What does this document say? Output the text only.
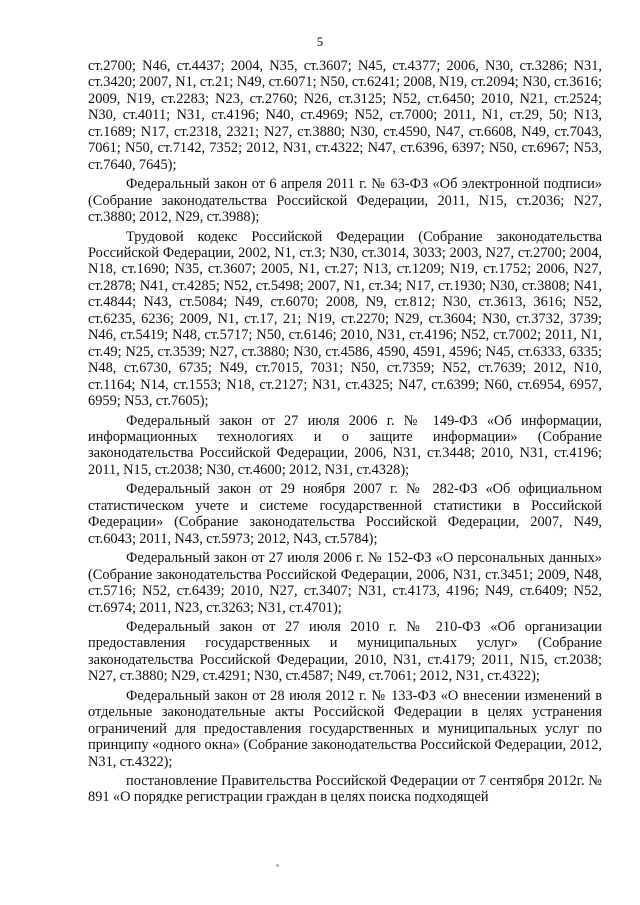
5

ст.2700; N46, ст.4437; 2004, N35, ст.3607; N45, ст.4377; 2006, N30, ст.3286; N31, ст.3420; 2007, N1, ст.21; N49, ст.6071; N50, ст.6241; 2008, N19, ст.2094; N30, ст.3616; 2009, N19, ст.2283; N23, ст.2760; N26, ст.3125; N52, ст.6450; 2010, N21, ст.2524; N30, ст.4011; N31, ст.4196; N40, ст.4969; N52, ст.7000; 2011, N1, ст.29, 50; N13, ст.1689; N17, ст.2318, 2321; N27, ст.3880; N30, ст.4590, N47, ст.6608, N49, ст.7043, 7061; N50, ст.7142, 7352; 2012, N31, ст.4322; N47, ст.6396, 6397; N50, ст.6967; N53, ст.7640, 7645);

Федеральный закон от 6 апреля 2011 г. № 63-ФЗ «Об электронной подписи» (Собрание законодательства Российской Федерации, 2011, N15, ст.2036; N27, ст.3880; 2012, N29, ст.3988);

Трудовой кодекс Российской Федерации (Собрание законодательства Российской Федерации, 2002, N1, ст.3; N30, ст.3014, 3033; 2003, N27, ст.2700; 2004, N18, ст.1690; N35, ст.3607; 2005, N1, ст.27; N13, ст.1209; N19, ст.1752; 2006, N27, ст.2878; N41, ст.4285; N52, ст.5498; 2007, N1, ст.34; N17, ст.1930; N30, ст.3808; N41, ст.4844; N43, ст.5084; N49, ст.6070; 2008, N9, ст.812; N30, ст.3613, 3616; N52, ст.6235, 6236; 2009, N1, ст.17, 21; N19, ст.2270; N29, ст.3604; N30, ст.3732, 3739; N46, ст.5419; N48, ст.5717; N50, ст.6146; 2010, N31, ст.4196; N52, ст.7002; 2011, N1, ст.49; N25, ст.3539; N27, ст.3880; N30, ст.4586, 4590, 4591, 4596; N45, ст.6333, 6335; N48, ст.6730, 6735; N49, ст.7015, 7031; N50, ст.7359; N52, ст.7639; 2012, N10, ст.1164; N14, ст.1553; N18, ст.2127; N31, ст.4325; N47, ст.6399; N60, ст.6954, 6957, 6959; N53, ст.7605);

Федеральный закон от 27 июля 2006 г. № 149-ФЗ «Об информации, информационных технологиях и о защите информации» (Собрание законодательства Российской Федерации, 2006, N31, ст.3448; 2010, N31, ст.4196; 2011, N15, ст.2038; N30, ст.4600; 2012, N31, ст.4328);

Федеральный закон от 29 ноября 2007 г. № 282-ФЗ «Об официальном статистическом учете и системе государственной статистики в Российской Федерации» (Собрание законодательства Российской Федерации, 2007, N49, ст.6043; 2011, N43, ст.5973; 2012, N43, ст.5784);

Федеральный закон от 27 июля 2006 г. № 152-ФЗ «О персональных данных» (Собрание законодательства Российской Федерации, 2006, N31, ст.3451; 2009, N48, ст.5716; N52, ст.6439; 2010, N27, ст.3407; N31, ст.4173, 4196; N49, ст.6409; N52, ст.6974; 2011, N23, ст.3263; N31, ст.4701);

Федеральный закон от 27 июля 2010 г. № 210-ФЗ «Об организации предоставления государственных и муниципальных услуг» (Собрание законодательства Российской Федерации, 2010, N31, ст.4179; 2011, N15, ст.2038; N27, ст.3880; N29, ст.4291; N30, ст.4587; N49, ст.7061; 2012, N31, ст.4322);

Федеральный закон от 28 июля 2012 г. № 133-ФЗ «О внесении изменений в отдельные законодательные акты Российской Федерации в целях устранения ограничений для предоставления государственных и муниципальных услуг по принципу «одного окна» (Собрание законодательства Российской Федерации, 2012, N31, ст.4322);

постановление Правительства Российской Федерации от 7 сентября 2012г. № 891 «О порядке регистрации граждан в целях поиска подходящей
